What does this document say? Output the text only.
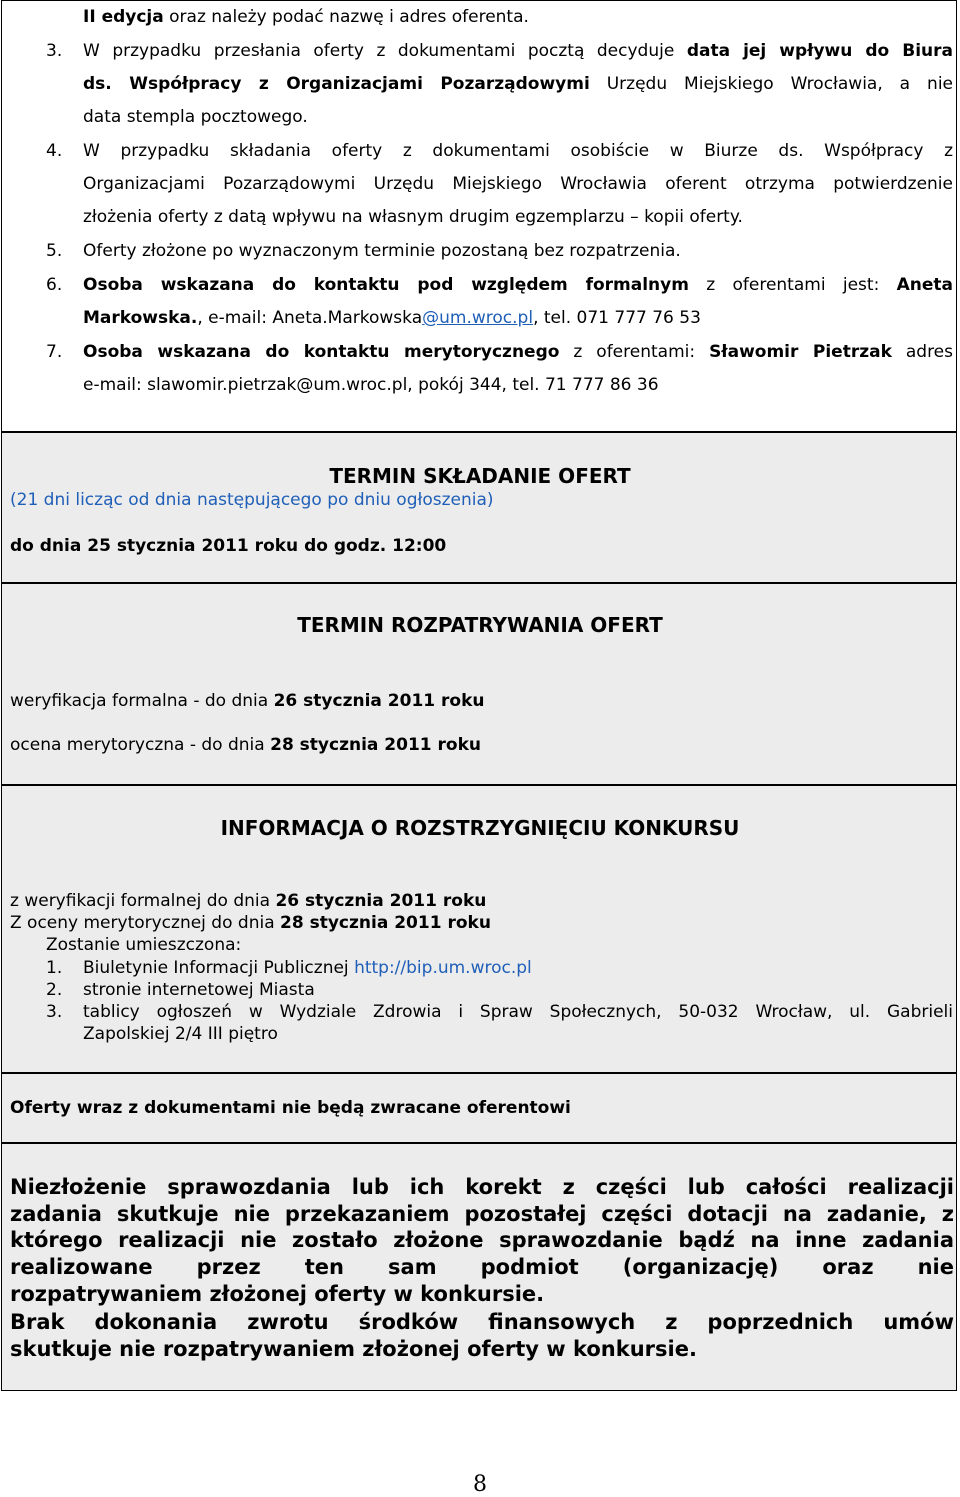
II edycja oraz należy podać nazwę i adres oferenta.
3. W przypadku przesłania oferty z dokumentami pocztą decyduje data jej wpływu do Biura
ds. Współpracy z Organizacjami Pozarządowymi Urzędu Miejskiego Wrocławia, a nie
data stempla pocztowego.
4. W przypadku składania oferty z dokumentami osobiście w Biurze ds. Współpracy z
Organizacjami Pozarządowymi Urzędu Miejskiego Wrocławia oferent otrzyma potwierdzenie
złożenia oferty z datą wpływu na własnym drugim egzemplarzu – kopii oferty.
5. Oferty złożone po wyznaczonym terminie pozostaną bez rozpatrzenia.
6. Osoba wskazana do kontaktu pod względem formalnym z oferentami jest: Aneta
Markowska., e-mail: Aneta.Markowska@um.wroc.pl, tel. 071 777 76 53
7. Osoba wskazana do kontaktu merytorycznego z oferentami: Sławomir Pietrzak adres
e-mail: slawomir.pietrzak@um.wroc.pl, pokój 344, tel. 71 777 86 36
TERMIN SKŁADANIE OFERT
(21 dni licząc od dnia następującego po dniu ogłoszenia)
do dnia 25 stycznia 2011 roku do godz. 12:00
TERMIN ROZPATRYWANIA OFERT
weryfikacja formalna - do dnia 26 stycznia 2011 roku
ocena merytoryczna - do dnia 28 stycznia 2011 roku
INFORMACJA O ROZSTRZYGNIĘCIU KONKURSU
z weryfikacji formalnej do dnia 26 stycznia 2011 roku
Z oceny merytorycznej do dnia 28 stycznia 2011 roku
Zostanie umieszczona:
1. Biuletynie Informacji Publicznej http://bip.um.wroc.pl
2. stronie internetowej Miasta
3. tablicy ogłoszeń w Wydziale Zdrowia i Spraw Społecznych, 50-032 Wrocław, ul. Gabrieli
Zapolskiej 2/4 III piętro
Oferty wraz z dokumentami nie będą zwracane oferentowi
Niezłożenie sprawozdania lub ich korekt z części lub całości realizacji
zadania skutkuje nie przekazaniem pozostałej części dotacji na zadanie, z
którego realizacji nie zostało złożone sprawozdanie bądź na inne zadania
realizowane przez ten sam podmiot (organizację) oraz nie
rozpatrywaniem złożonej oferty w konkursie.
Brak dokonania zwrotu środków finansowych z poprzednich umów
skutkuje nie rozpatrywaniem złożonej oferty w konkursie.
8
